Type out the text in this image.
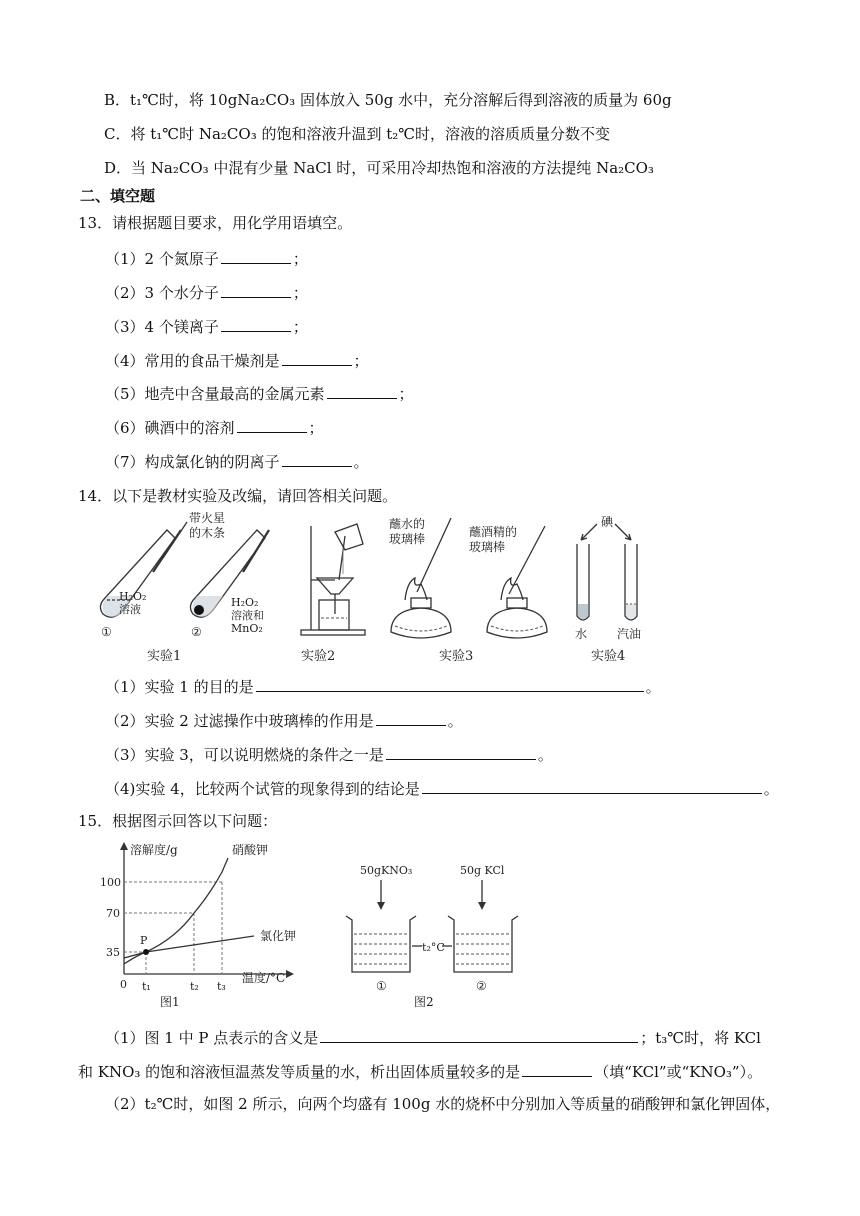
B．t₁℃时，将 10gNa₂CO₃ 固体放入 50g 水中，充分溶解后得到溶液的质量为 60g
C．将 t₁℃时 Na₂CO₃ 的饱和溶液升温到 t₂℃时，溶液的溶质质量分数不变
D．当 Na₂CO₃ 中混有少量 NaCl 时，可采用冷却热饱和溶液的方法提纯 Na₂CO₃
二、填空题
13．请根据题目要求，用化学用语填空。
（1）2 个氮原子	；
（2）3 个水分子	；
（3）4 个镁离子	；
（4）常用的食品干燥剂是	；
（5）地壳中含量最高的金属元素	；
（6）碘酒中的溶剂	；
（7）构成氯化钠的阴离子	。
14．以下是教材实验及改编，请回答相关问题。
带火星
的木条
H₂O₂
溶液
H₂O₂
溶液和
MnO₂
①	②
实验1	实验2
蘸水的
玻璃棒	蘸酒精的
玻璃棒
实验3
碘
水 汽油
实验4
（1）实验 1 的目的是	。
（2）实验 2 过滤操作中玻璃棒的作用是	。
（3）实验 3，可以说明燃烧的条件之一是	。
（4)实验 4，比较两个试管的现象得到的结论是	。
15．根据图示回答以下问题：
溶解度/g	硝酸钾
氯化钾
100
70
35
P
0 t₁	t₂ t₃
温度/°C
图1
50gKNO₃	50g KCl
t₂°C
①	②
图2
（1）图 1 中 P 点表示的含义是	；t₃℃时，将 KCl
和 KNO₃ 的饱和溶液恒温蒸发等质量的水，析出固体质量较多的是	（填“KCl”或“KNO₃”）。
（2）t₂℃时，如图 2 所示，向两个均盛有 100g 水的烧杯中分别加入等质量的硝酸钾和氯化钾固体，
